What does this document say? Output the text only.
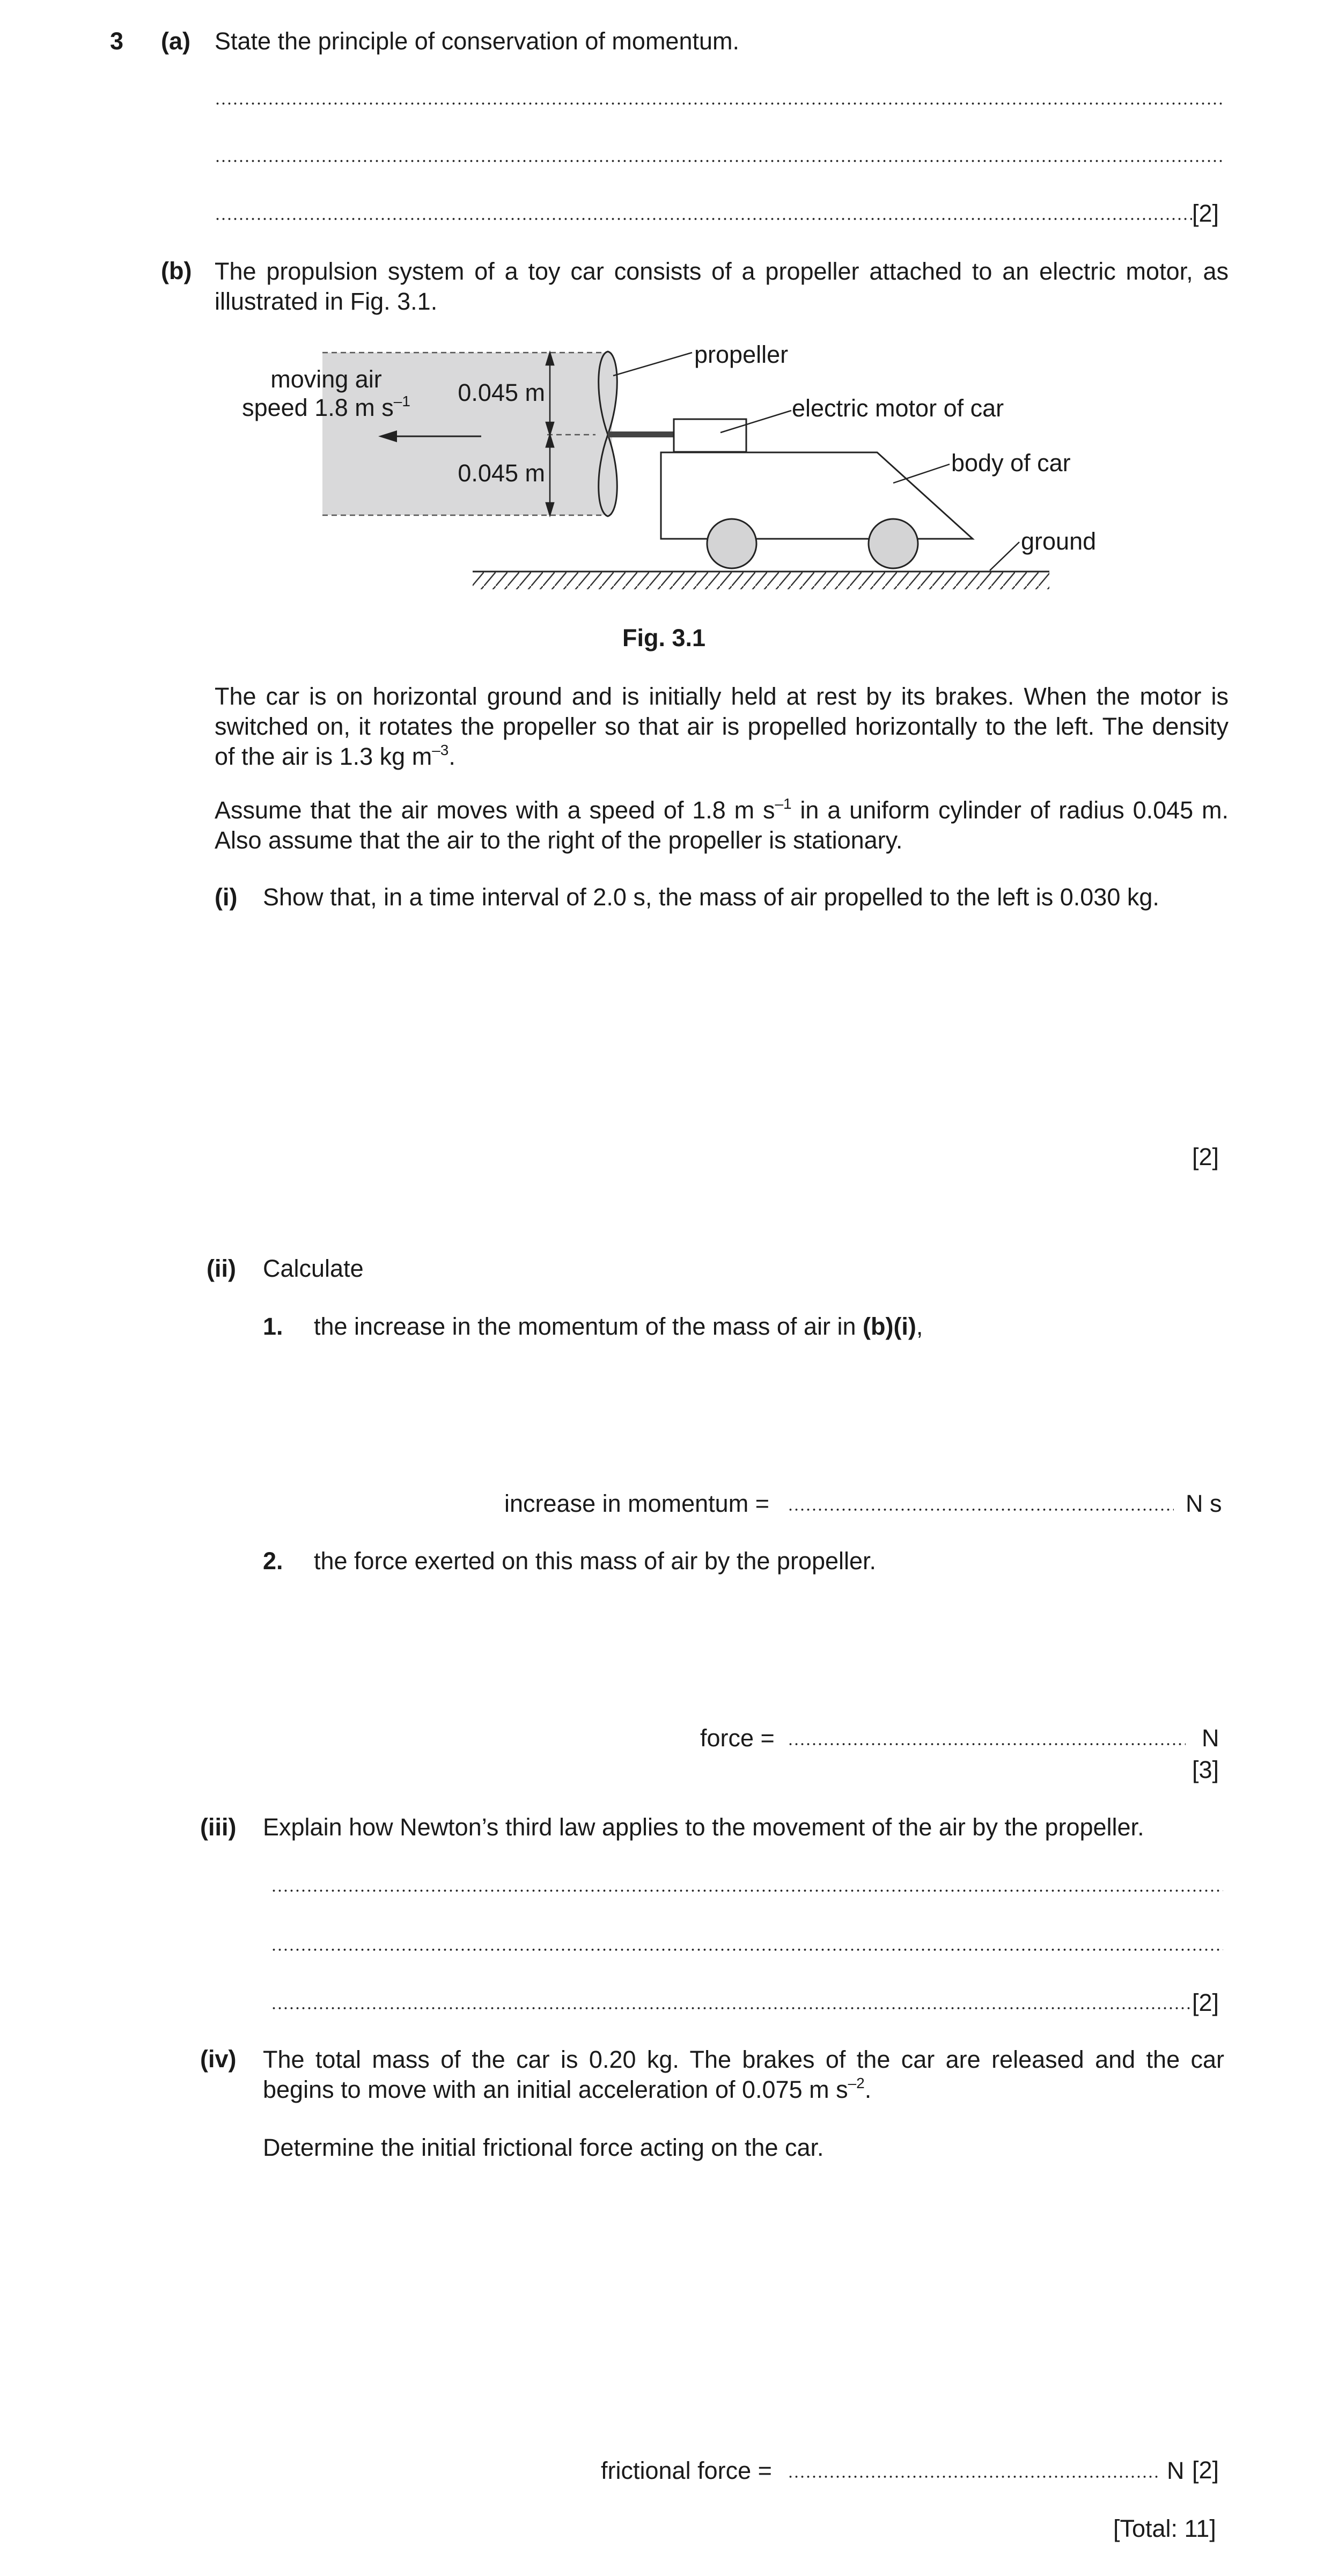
3 (a) State the principle of conservation of momentum.
[2]
(b) The propulsion system of a toy car consists of a propeller attached to an electric motor, as illustrated in Fig. 3.1.
moving air
speed 1.8 m $s^{-1}$ 0.045 m
0.045 m
propeller
electric motor of car
body of car
ground
Fig. 3.1
The car is on horizontal ground and is initially held at rest by its brakes. When the motor is switched on, it rotates the propeller so that air is propelled horizontally to the left. The density of the air is 1.3 kg $m^{-3}$.
Assume that the air moves with a speed of 1.8 m $s^{-1}$ in a uniform cylinder of radius 0.045 m. Also assume that the air to the right of the propeller is stationary.
(i) Show that, in a time interval of 2.0 s, the mass of air propelled to the left is 0.030 kg.
[2]
(ii) Calculate
1. the increase in the momentum of the mass of air in (b)(i),
increase in momentum =	N s
2. the force exerted on this mass of air by the propeller.
force =	N
[3]
(iii) Explain how Newton’s third law applies to the movement of the air by the propeller.
[2]
(iv) The total mass of the car is 0.20 kg. The brakes of the car are released and the car begins to move with an initial acceleration of 0.075 m $s^{-2}$.
Determine the initial frictional force acting on the car.
frictional force =	N [2]
[Total: 11]
